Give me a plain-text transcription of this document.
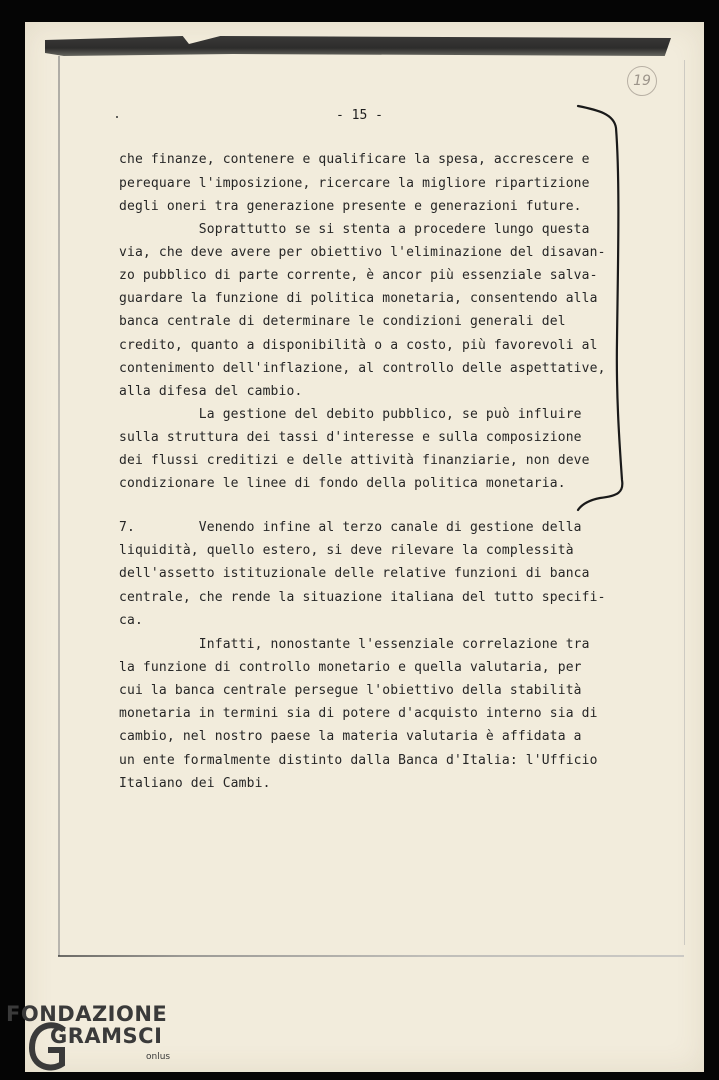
19
- 15 -
che finanze, contenere e qualificare la spesa, accrescere e
perequare l'imposizione, ricercare la migliore ripartizione
degli oneri tra generazione presente e generazioni future.
Soprattutto se si stenta a procedere lungo questa
via, che deve avere per obiettivo l'eliminazione del disavan-
zo pubblico di parte corrente, è ancor più essenziale salva-
guardare la funzione di politica monetaria, consentendo alla
banca centrale di determinare le condizioni generali del
credito, quanto a disponibilità o a costo, più favorevoli al
contenimento dell'inflazione, al controllo delle aspettative,
alla difesa del cambio.
La gestione del debito pubblico, se può influire
sulla struttura dei tassi d'interesse e sulla composizione
dei flussi creditizi e delle attività finanziarie, non deve
condizionare le linee di fondo della politica monetaria.
7.        Venendo infine al terzo canale di gestione della
liquidità, quello estero, si deve rilevare la complessità
dell'assetto istituzionale delle relative funzioni di banca
centrale, che rende la situazione italiana del tutto specifi-
ca.
Infatti, nonostante l'essenziale correlazione tra
la funzione di controllo monetario e quella valutaria, per
cui la banca centrale persegue l'obiettivo della stabilità
monetaria in termini sia di potere d'acquisto interno sia di
cambio, nel nostro paese la materia valutaria è affidata a
un ente formalmente distinto dalla Banca d'Italia: l'Ufficio
Italiano dei Cambi.
FONDAZIONE
GRAMSCI
onlus
